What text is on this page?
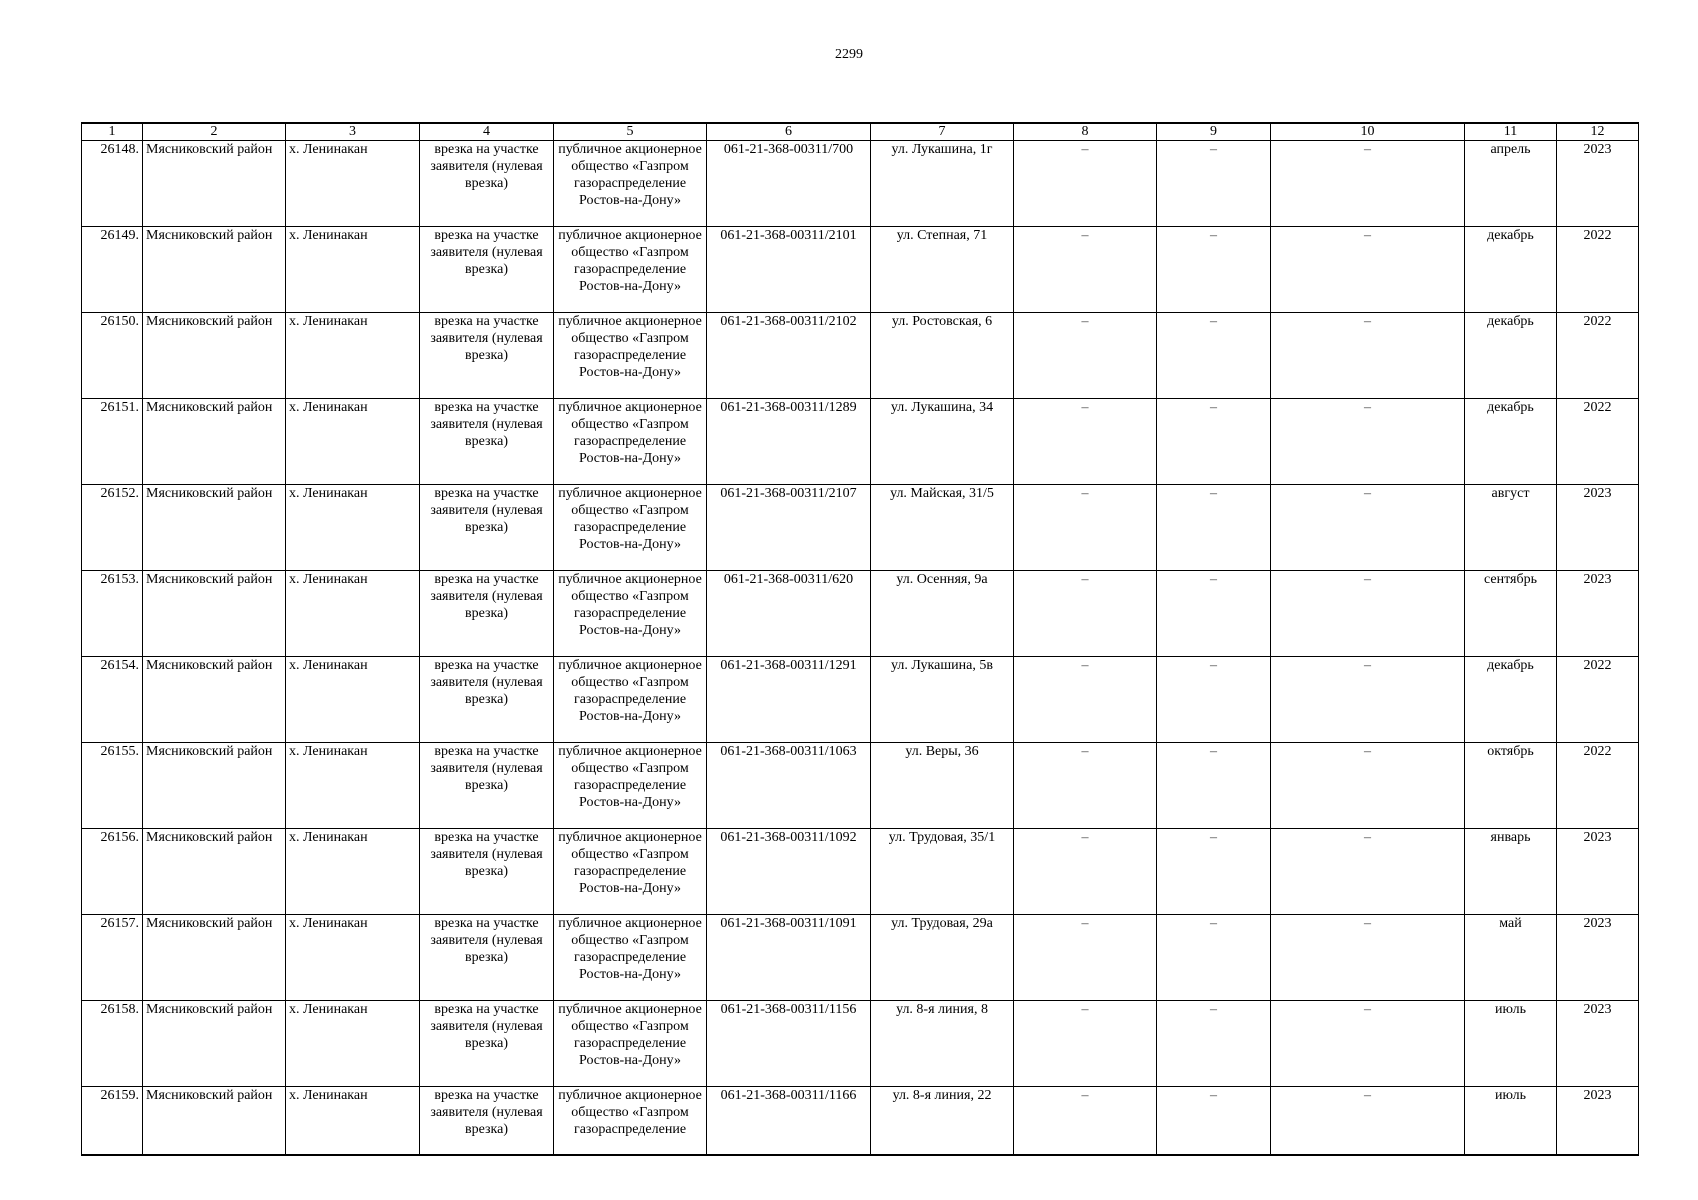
2299
1	2	3	4	5	6	7	8	9	10	11	12
26148.	Мясниковский район	х. Ленинакан	врезка на участке заявителя (нулевая врезка)	публичное акционерное общество «Газпром газораспределение Ростов-на-Дону»	061-21-368-00311/700	ул. Лукашина, 1г	–	–	–	апрель	2023
26149.	Мясниковский район	х. Ленинакан	врезка на участке заявителя (нулевая врезка)	публичное акционерное общество «Газпром газораспределение Ростов-на-Дону»	061-21-368-00311/2101	ул. Степная, 71	–	–	–	декабрь	2022
26150.	Мясниковский район	х. Ленинакан	врезка на участке заявителя (нулевая врезка)	публичное акционерное общество «Газпром газораспределение Ростов-на-Дону»	061-21-368-00311/2102	ул. Ростовская, 6	–	–	–	декабрь	2022
26151.	Мясниковский район	х. Ленинакан	врезка на участке заявителя (нулевая врезка)	публичное акционерное общество «Газпром газораспределение Ростов-на-Дону»	061-21-368-00311/1289	ул. Лукашина, 34	–	–	–	декабрь	2022
26152.	Мясниковский район	х. Ленинакан	врезка на участке заявителя (нулевая врезка)	публичное акционерное общество «Газпром газораспределение Ростов-на-Дону»	061-21-368-00311/2107	ул. Майская, 31/5	–	–	–	август	2023
26153.	Мясниковский район	х. Ленинакан	врезка на участке заявителя (нулевая врезка)	публичное акционерное общество «Газпром газораспределение Ростов-на-Дону»	061-21-368-00311/620	ул. Осенняя, 9а	–	–	–	сентябрь	2023
26154.	Мясниковский район	х. Ленинакан	врезка на участке заявителя (нулевая врезка)	публичное акционерное общество «Газпром газораспределение Ростов-на-Дону»	061-21-368-00311/1291	ул. Лукашина, 5в	–	–	–	декабрь	2022
26155.	Мясниковский район	х. Ленинакан	врезка на участке заявителя (нулевая врезка)	публичное акционерное общество «Газпром газораспределение Ростов-на-Дону»	061-21-368-00311/1063	ул. Веры, 36	–	–	–	октябрь	2022
26156.	Мясниковский район	х. Ленинакан	врезка на участке заявителя (нулевая врезка)	публичное акционерное общество «Газпром газораспределение Ростов-на-Дону»	061-21-368-00311/1092	ул. Трудовая, 35/1	–	–	–	январь	2023
26157.	Мясниковский район	х. Ленинакан	врезка на участке заявителя (нулевая врезка)	публичное акционерное общество «Газпром газораспределение Ростов-на-Дону»	061-21-368-00311/1091	ул. Трудовая, 29а	–	–	–	май	2023
26158.	Мясниковский район	х. Ленинакан	врезка на участке заявителя (нулевая врезка)	публичное акционерное общество «Газпром газораспределение Ростов-на-Дону»	061-21-368-00311/1156	ул. 8-я линия, 8	–	–	–	июль	2023
26159.	Мясниковский район	х. Ленинакан	врезка на участке заявителя (нулевая врезка)	публичное акционерное общество «Газпром газораспределение	061-21-368-00311/1166	ул. 8-я линия, 22	–	–	–	июль	2023
